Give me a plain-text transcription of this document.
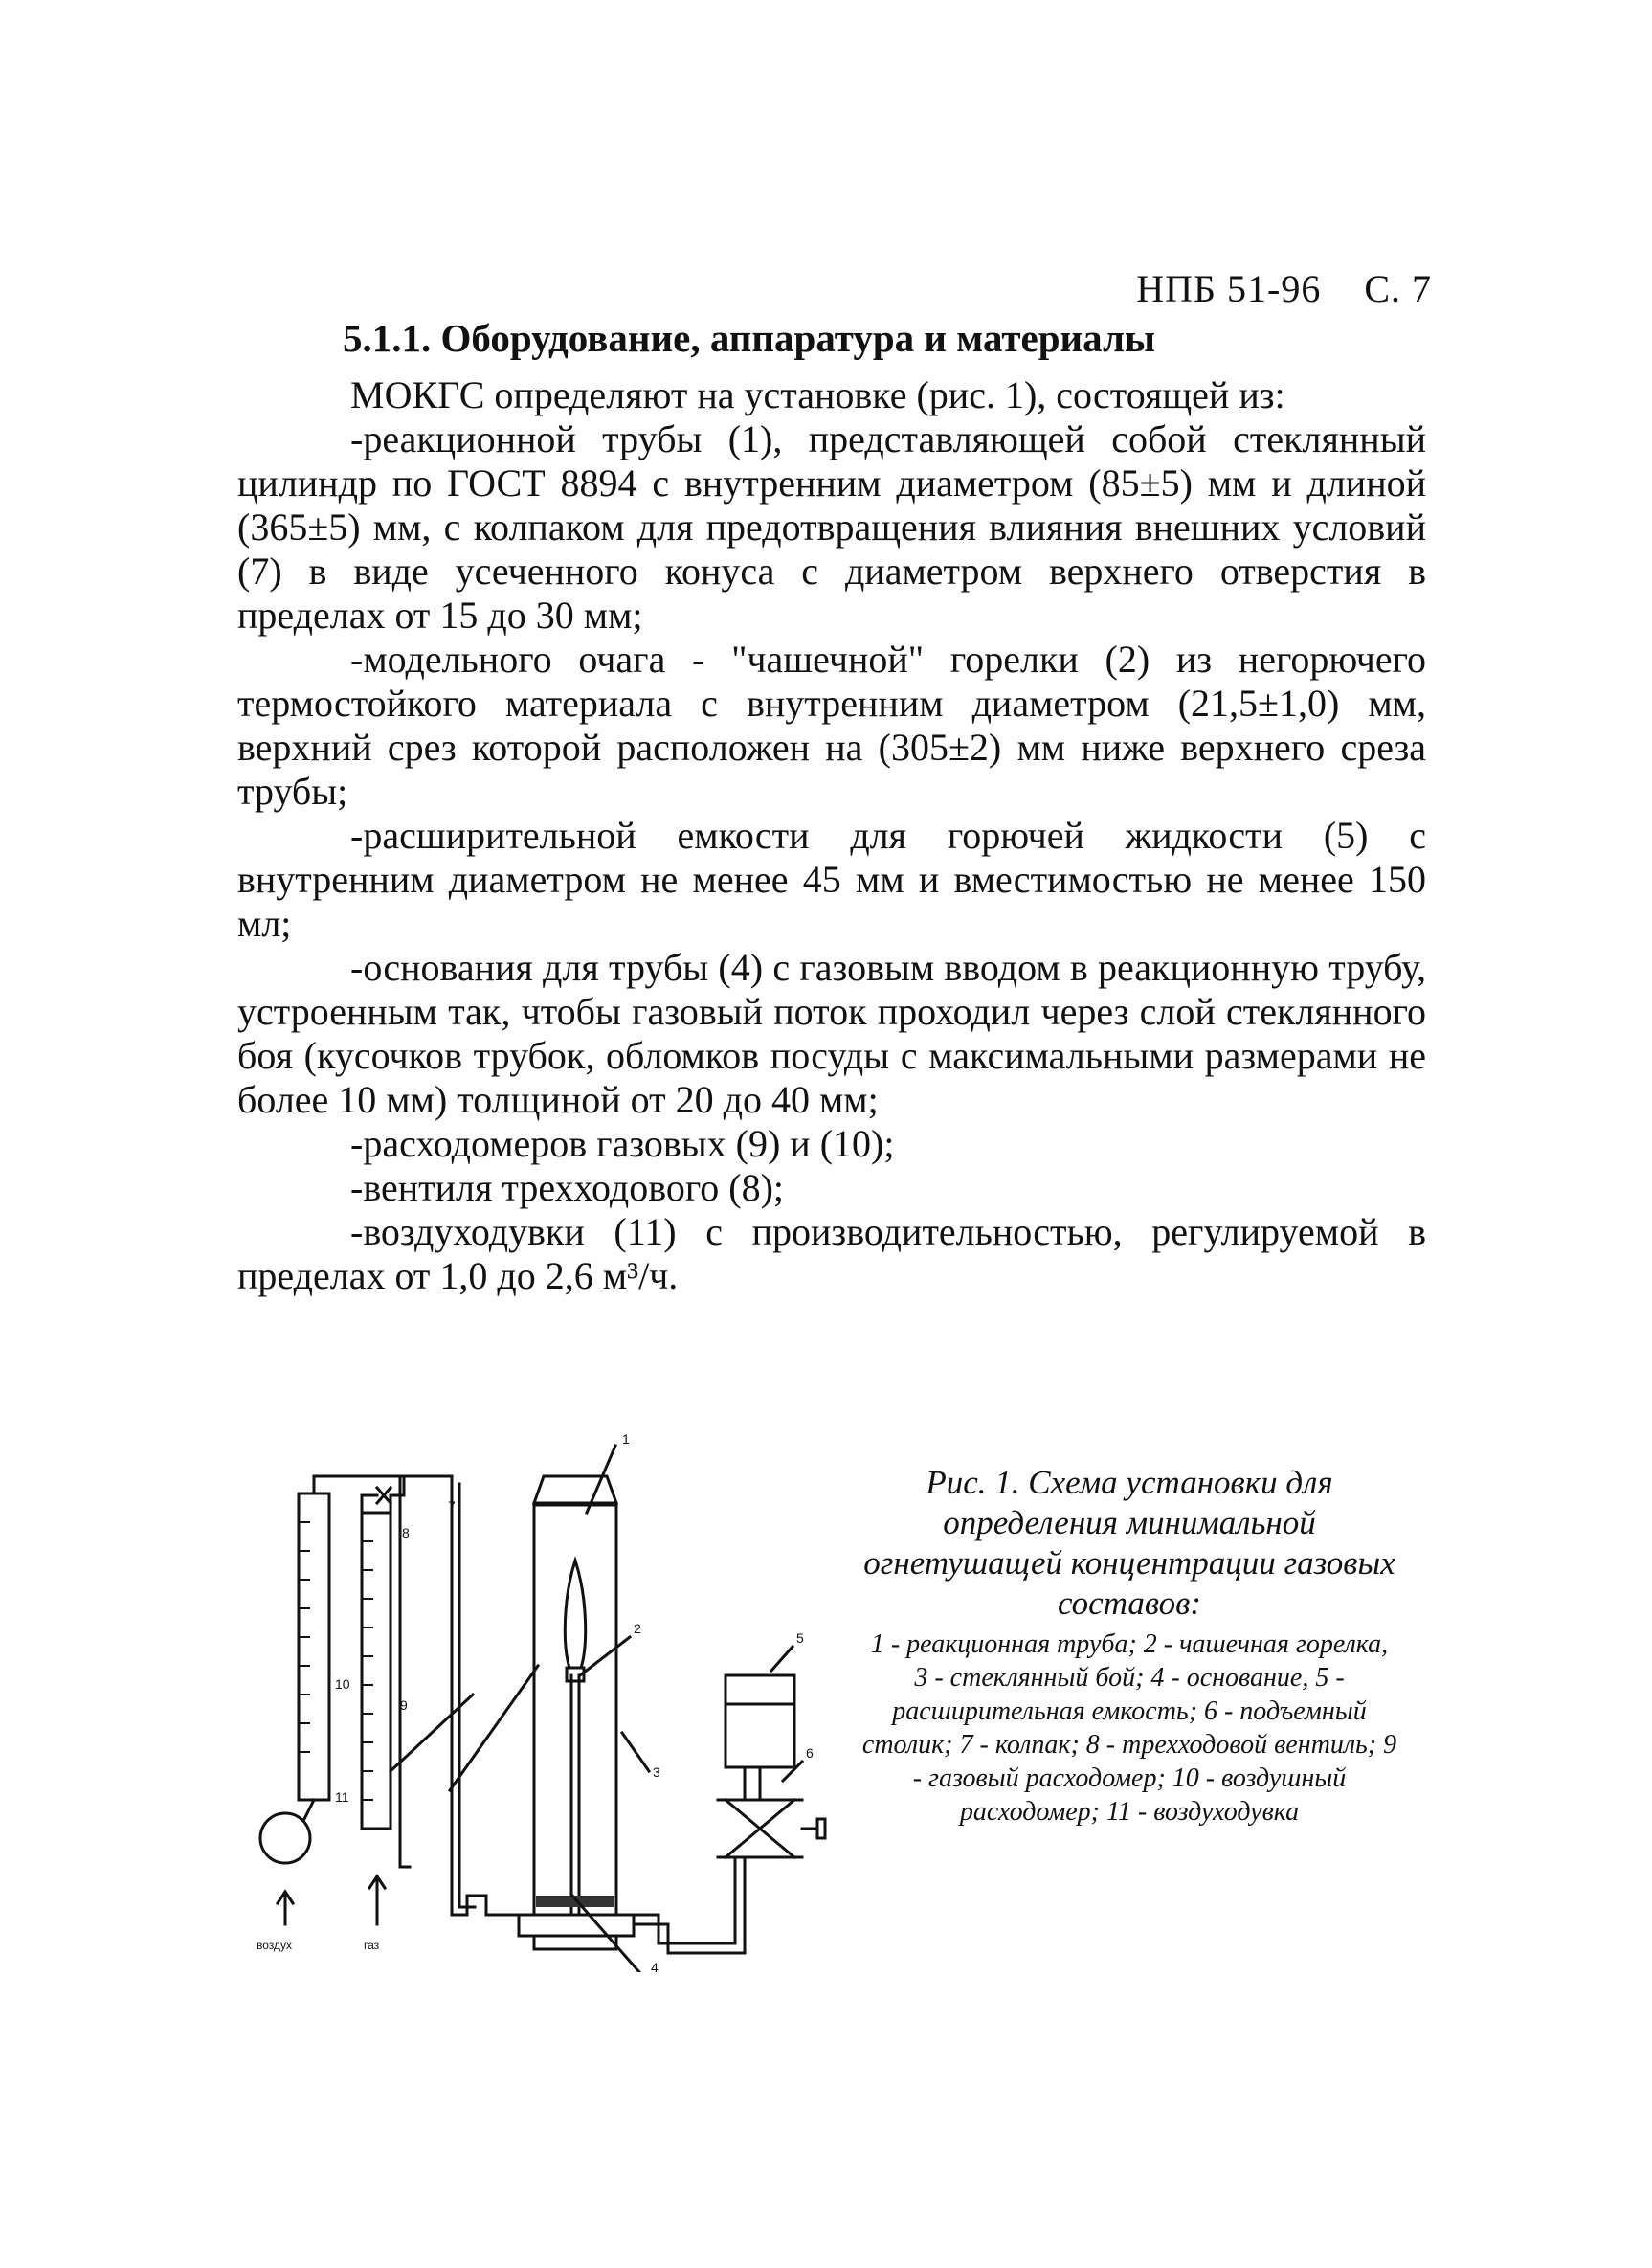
НПБ 51-96 С. 7
5.1.1. Оборудование, аппаратура и материалы

МОКГС определяют на установке (рис. 1), состоящей из:

-реакционной трубы (1), представляющей собой стеклянный цилиндр по ГОСТ 8894 с внутренним диаметром (85±5) мм и длиной (365±5) мм, с колпаком для предотвращения влияния внешних условий (7) в виде усеченного конуса с диаметром верхнего отверстия в пределах от 15 до 30 мм;

-модельного очага - "чашечной" горелки (2) из негорючего термостойкого материала с внутренним диаметром (21,5±1,0) мм, верхний срез которой расположен на (305±2) мм ниже верхнего среза трубы;

-расширительной емкости для горючей жидкости (5) с внутренним диаметром не менее 45 мм и вместимостью не менее 150 мл;

-основания для трубы (4) с газовым вводом в реакционную трубу, устроенным так, чтобы газовый поток проходил через слой стеклянного боя (кусочков трубок, обломков посуды с максимальными размерами не более 10 мм) толщиной от 20 до 40 мм;

-расходомеров газовых (9) и (10);

-вентиля трехходового (8);

-воздуходувки (11) с производительностью, регулируемой в пределах от 1,0 до 2,6 м³/ч.

1
2
3
4
5
6
7
8
9
10
11
воздух	газ
Рис. 1. Схема установки для определения минимальной огнетушащей концентрации газовых составов:
1 - реакционная труба; 2 - чашечная горелка, 3 - стеклянный бой; 4 - основание, 5 - расширительная емкость; 6 - подъемный столик; 7 - колпак; 8 - трехходовой вентиль; 9 - газовый расходомер; 10 - воздушный расходомер; 11 - воздуходувка
